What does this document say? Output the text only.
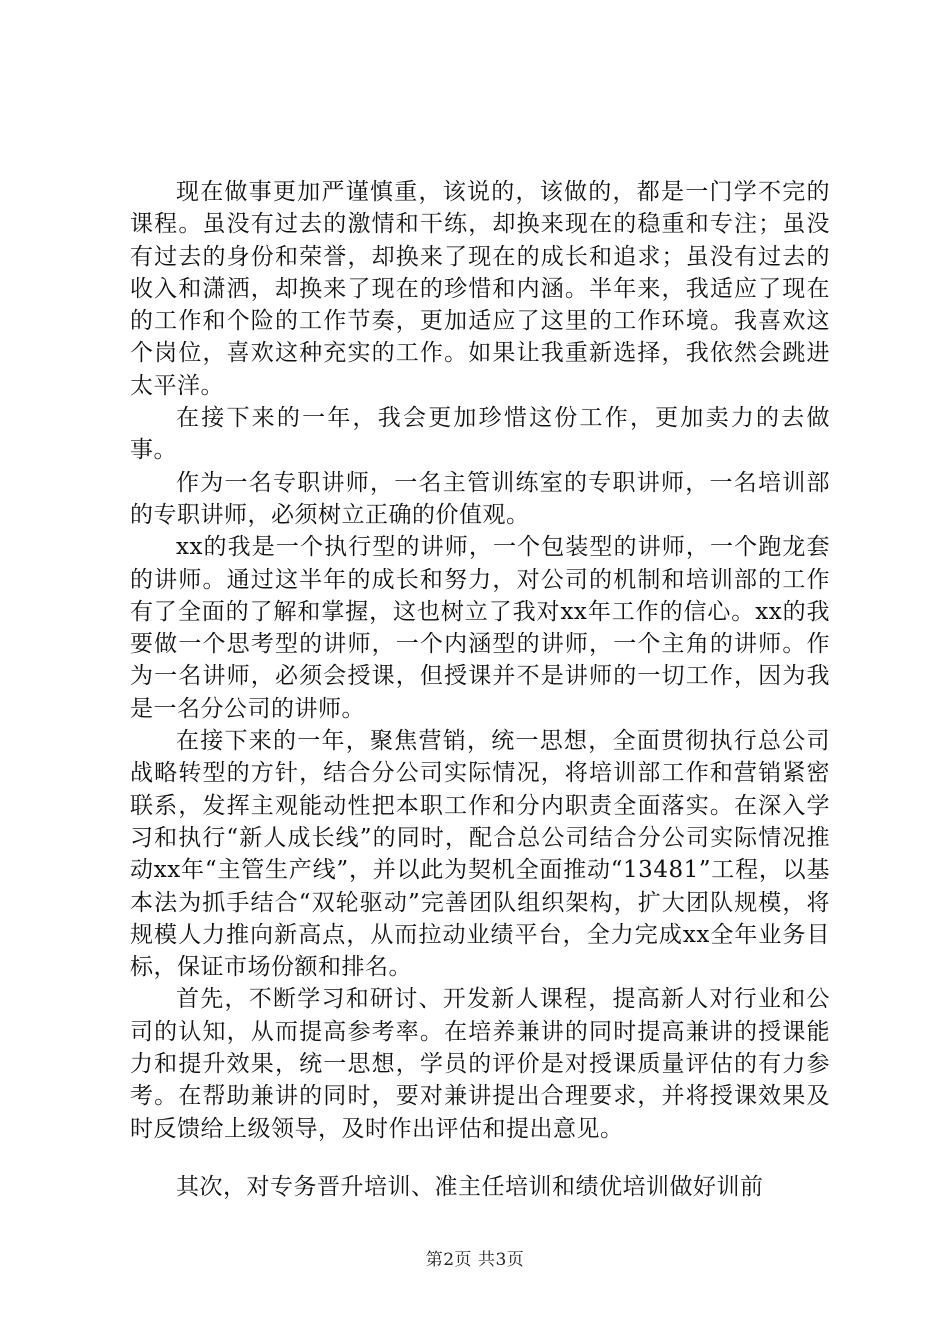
现在做事更加严谨慎重，该说的，该做的，都是一门学不完的课程。虽没有过去的激情和干练，却换来现在的稳重和专注；虽没有过去的身份和荣誉，却换来了现在的成长和追求；虽没有过去的收入和潇洒，却换来了现在的珍惜和内涵。半年来，我适应了现在的工作和个险的工作节奏，更加适应了这里的工作环境。我喜欢这个岗位，喜欢这种充实的工作。如果让我重新选择，我依然会跳进太平洋。

在接下来的一年，我会更加珍惜这份工作，更加卖力的去做事。

作为一名专职讲师，一名主管训练室的专职讲师，一名培训部的专职讲师，必须树立正确的价值观。

xx的我是一个执行型的讲师，一个包装型的讲师，一个跑龙套的讲师。通过这半年的成长和努力，对公司的机制和培训部的工作有了全面的了解和掌握，这也树立了我对xx年工作的信心。xx的我要做一个思考型的讲师，一个内涵型的讲师，一个主角的讲师。作为一名讲师，必须会授课，但授课并不是讲师的一切工作，因为我是一名分公司的讲师。

在接下来的一年，聚焦营销，统一思想，全面贯彻执行总公司战略转型的方针，结合分公司实际情况，将培训部工作和营销紧密联系，发挥主观能动性把本职工作和分内职责全面落实。在深入学习和执行“新人成长线”的同时，配合总公司结合分公司实际情况推动xx年“主管生产线”，并以此为契机全面推动“13481”工程，以基本法为抓手结合“双轮驱动”完善团队组织架构，扩大团队规模，将规模人力推向新高点，从而拉动业绩平台，全力完成xx全年业务目标，保证市场份额和排名。

首先，不断学习和研讨、开发新人课程，提高新人对行业和公司的认知，从而提高参考率。在培养兼讲的同时提高兼讲的授课能力和提升效果，统一思想，学员的评价是对授课质量评估的有力参考。在帮助兼讲的同时，要对兼讲提出合理要求，并将授课效果及时反馈给上级领导，及时作出评估和提出意见。

其次，对专务晋升培训、准主任培训和绩优培训做好训前

第2页 共3页
